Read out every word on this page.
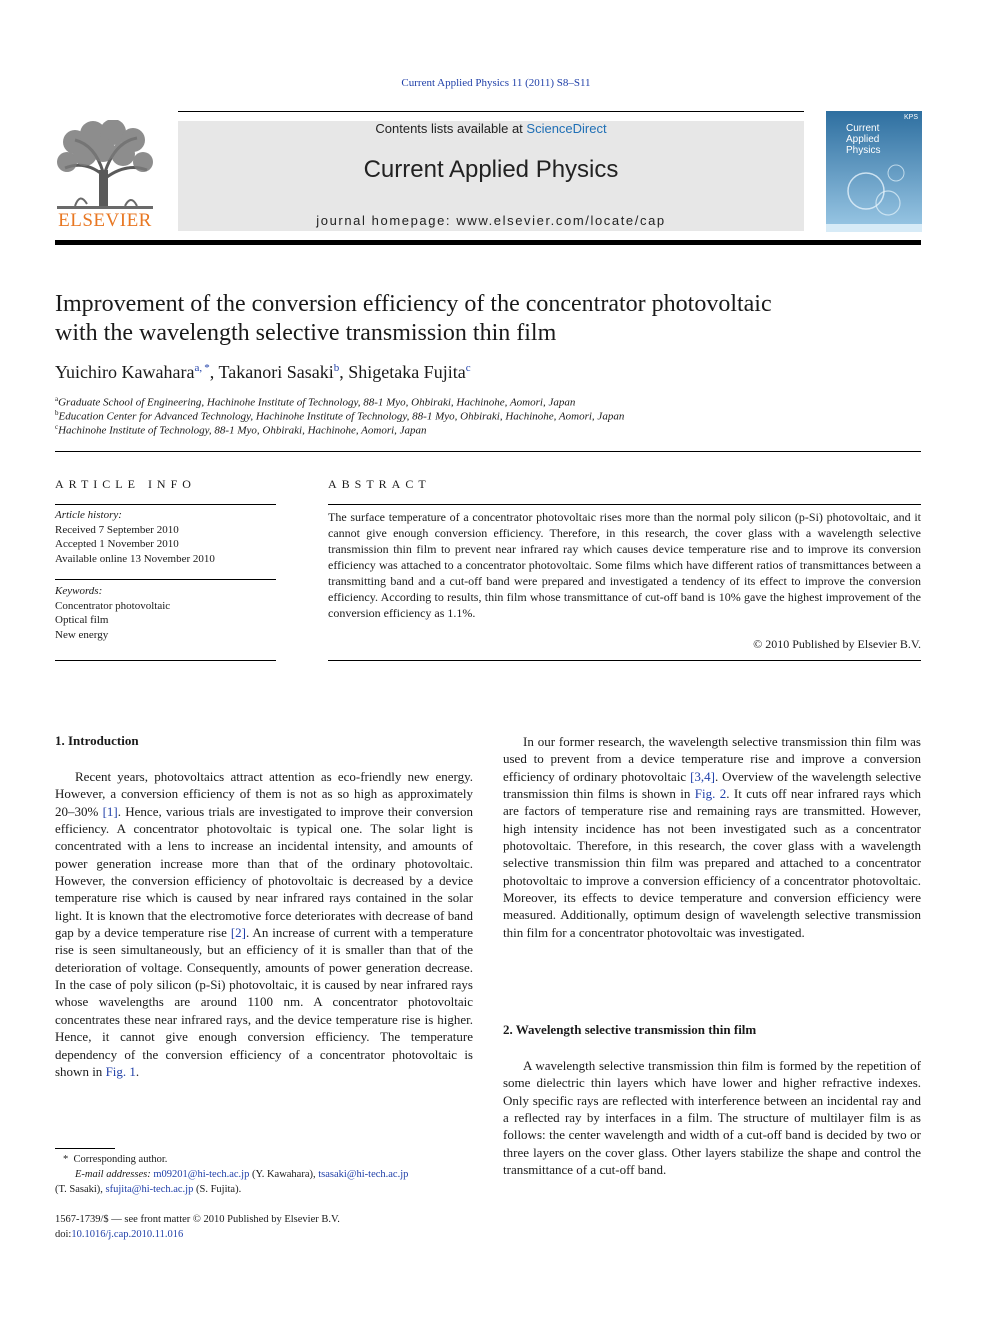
Current Applied Physics 11 (2011) S8–S11
ELSEVIER
Contents lists available at ScienceDirect
Current Applied Physics
journal homepage: www.elsevier.com/locate/cap
Current
Applied
Physics
KPS
Improvement of the conversion efficiency of the concentrator photovoltaic
with the wavelength selective transmission thin film
Yuichiro Kawahara$^{a, *}$, Takanori Sasaki$^b$, Shigetaka Fujita$^c$
$^a$Graduate School of Engineering, Hachinohe Institute of Technology, 88-1 Myo, Ohbiraki, Hachinohe, Aomori, Japan
$^b$Education Center for Advanced Technology, Hachinohe Institute of Technology, 88-1 Myo, Ohbiraki, Hachinohe, Aomori, Japan
$^c$Hachinohe Institute of Technology, 88-1 Myo, Ohbiraki, Hachinohe, Aomori, Japan
ARTICLE INFO
Article history:
Received 7 September 2010
Accepted 1 November 2010
Available online 13 November 2010
Keywords:
Concentrator photovoltaic
Optical film
New energy
ABSTRACT
The surface temperature of a concentrator photovoltaic rises more than the normal poly silicon (p-Si) photovoltaic, and it cannot give enough conversion efficiency. Therefore, in this research, the cover glass with a wavelength selective transmission thin film to prevent near infrared ray which causes device temperature rise and to improve its conversion efficiency was attached to a concentrator photovoltaic. Some films which have different ratios of transmittances between a transmitting band and a cut-off band were prepared and investigated a tendency of its effect to improve the conversion efficiency. According to results, thin film whose transmittance of cut-off band is 10% gave the highest improvement of the conversion efficiency as 1.1%.
© 2010 Published by Elsevier B.V.
1. Introduction
Recent years, photovoltaics attract attention as eco-friendly new energy. However, a conversion efficiency of them is not as so high as approximately 20–30% [1]. Hence, various trials are investigated to improve their conversion efficiency. A concentrator photovoltaic is typical one. The solar light is concentrated with a lens to increase an incidental intensity, and amounts of power generation increase more than that of the ordinary photovoltaic. However, the conversion efficiency of photovoltaic is decreased by a device temperature rise which is caused by near infrared rays contained in the solar light. It is known that the electromotive force deteriorates with decrease of band gap by a device temperature rise [2]. An increase of current with a temperature rise is seen simultaneously, but an efficiency of it is smaller than that of the deterioration of voltage. Consequently, amounts of power generation decrease. In the case of poly silicon (p-Si) photovoltaic, it is caused by near infrared rays whose wavelengths are around 1100 nm. A concentrator photovoltaic concentrates these near infrared rays, and the device temperature rise is higher. Hence, it cannot give enough conversion efficiency. The temperature dependency of the conversion efficiency of a concentrator photovoltaic is shown in Fig. 1.
* Corresponding author.
E-mail addresses: m09201@hi-tech.ac.jp (Y. Kawahara), tsasaki@hi-tech.ac.jp
(T. Sasaki), sfujita@hi-tech.ac.jp (S. Fujita).
1567-1739/$ — see front matter © 2010 Published by Elsevier B.V.
doi:10.1016/j.cap.2010.11.016
In our former research, the wavelength selective transmission thin film was used to prevent from a device temperature rise and improve a conversion efficiency of ordinary photovoltaic [3,4]. Overview of the wavelength selective transmission thin films is shown in Fig. 2. It cuts off near infrared rays which are factors of temperature rise and remaining rays are transmitted. However, high intensity incidence has not been investigated such as a concentrator photovoltaic. Therefore, in this research, the cover glass with a wavelength selective transmission thin film was prepared and attached to a concentrator photovoltaic to improve a conversion efficiency of a concentrator photovoltaic. Moreover, its effects to device temperature and conversion efficiency were measured. Additionally, optimum design of wavelength selective transmission thin film for a concentrator photovoltaic was investigated.
2. Wavelength selective transmission thin film
A wavelength selective transmission thin film is formed by the repetition of some dielectric thin layers which have lower and higher refractive indexes. Only specific rays are reflected with interference between an incidental ray and a reflected ray by interfaces in a film. The structure of multilayer film is as follows: the center wavelength and width of a cut-off band is decided by two or three layers on the cover glass. Other layers stabilize the shape and control the transmittance of a cut-off band.
